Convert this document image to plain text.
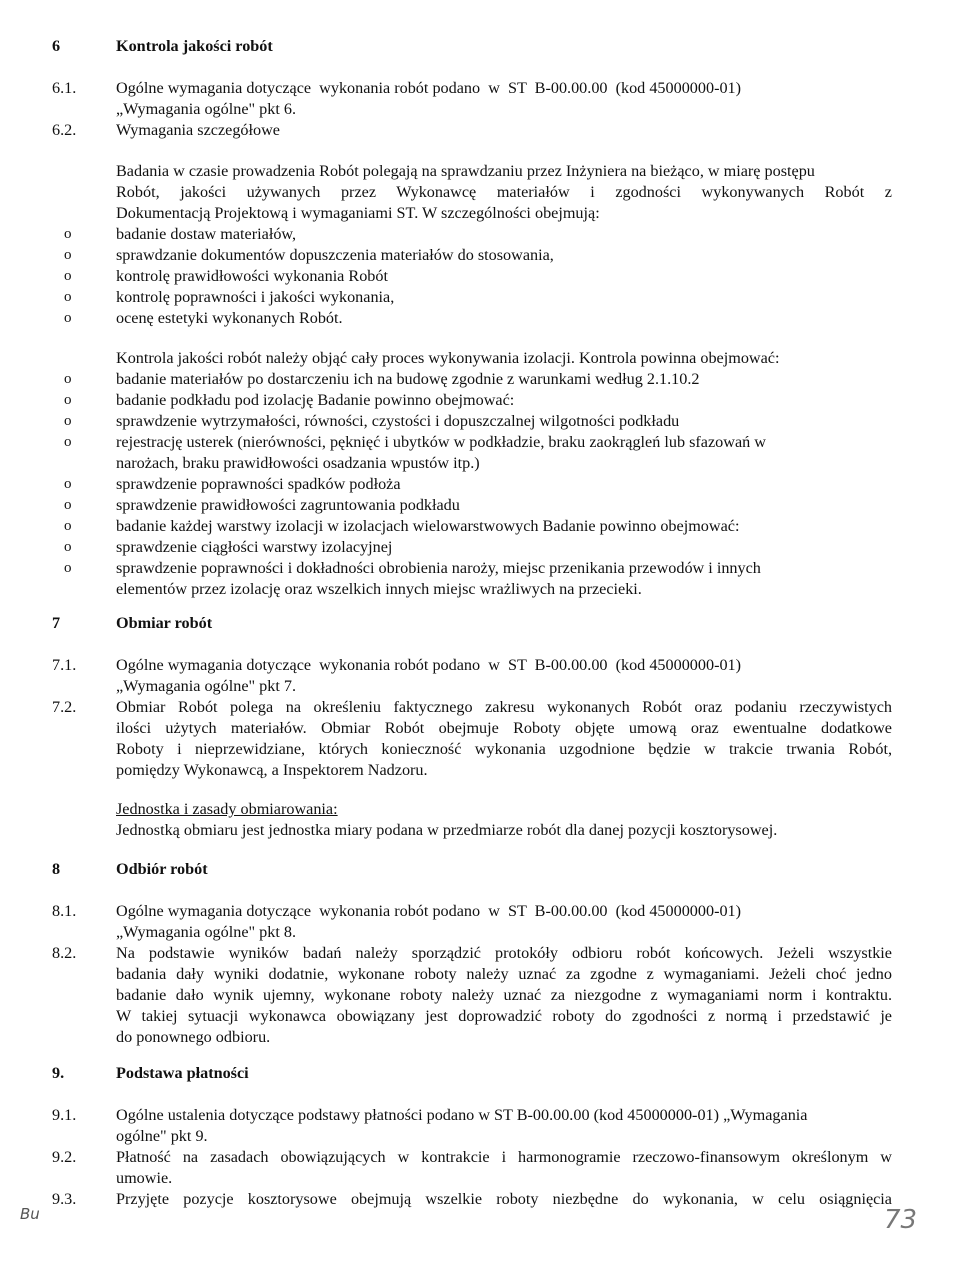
6	Kontrola jakości robót
6.1. Ogólne wymagania dotyczące  wykonania robót podano  w  ST  B-00.00.00  (kod 45000000-01)
„Wymagania ogólne" pkt 6.
6.2. Wymagania szczegółowe
Badania w czasie prowadzenia Robót polegają na sprawdzaniu przez Inżyniera na bieżąco, w miarę postępu
Robót, jakości używanych przez Wykonawcę materiałów i zgodności wykonywanych Robót z
Dokumentacją Projektową i wymaganiami ST. W szczególności obejmują:
o	badanie dostaw materiałów,
o	sprawdzanie dokumentów dopuszczenia materiałów do stosowania,
o	kontrolę prawidłowości wykonania Robót
o	kontrolę poprawności i jakości wykonania,
o	ocenę estetyki wykonanych Robót.
Kontrola jakości robót należy objąć cały proces wykonywania izolacji. Kontrola powinna obejmować:
o	badanie materiałów po dostarczeniu ich na budowę zgodnie z warunkami według 2.1.10.2
o	badanie podkładu pod izolację Badanie powinno obejmować:
o	sprawdzenie wytrzymałości, równości, czystości i dopuszczalnej wilgotności podkładu
o	rejestrację usterek (nierówności, pęknięć i ubytków w podkładzie, braku zaokrągleń lub sfazowań w
narożach, braku prawidłowości osadzania wpustów itp.)
o	sprawdzenie poprawności spadków podłoża
o	sprawdzenie prawidłowości zagruntowania podkładu
o	badanie każdej warstwy izolacji w izolacjach wielowarstwowych Badanie powinno obejmować:
o	sprawdzenie ciągłości warstwy izolacyjnej
o	sprawdzenie poprawności i dokładności obrobienia naroży, miejsc przenikania przewodów i innych
elementów przez izolację oraz wszelkich innych miejsc wrażliwych na przecieki.
7	Obmiar robót
7.1. Ogólne wymagania dotyczące  wykonania robót podano  w  ST  B-00.00.00  (kod 45000000-01)
„Wymagania ogólne" pkt 7.
7.2. Obmiar Robót polega na określeniu faktycznego zakresu wykonanych Robót oraz podaniu rzeczywistych
ilości użytych materiałów. Obmiar Robót obejmuje Roboty objęte umową oraz ewentualne dodatkowe
Roboty i nieprzewidziane, których konieczność wykonania uzgodnione będzie w trakcie trwania Robót,
pomiędzy Wykonawcą, a Inspektorem Nadzoru.
Jednostka i zasady obmiarowania:
Jednostką obmiaru jest jednostka miary podana w przedmiarze robót dla danej pozycji kosztorysowej.
8	Odbiór robót
8.1. Ogólne wymagania dotyczące  wykonania robót podano  w  ST  B-00.00.00  (kod 45000000-01)
„Wymagania ogólne" pkt 8.
8.2. Na podstawie wyników badań należy sporządzić protokóły odbioru robót końcowych. Jeżeli wszystkie
badania dały wyniki dodatnie, wykonane roboty należy uznać za zgodne z wymaganiami. Jeżeli choć jedno
badanie dało wynik ujemny, wykonane roboty należy uznać za niezgodne z wymaganiami norm i kontraktu.
W takiej sytuacji wykonawca obowiązany jest doprowadzić roboty do zgodności z normą i przedstawić je
do ponownego odbioru.
9.	Podstawa płatności
9.1. Ogólne ustalenia dotyczące podstawy płatności podano w ST B-00.00.00 (kod 45000000-01) „Wymagania
ogólne" pkt 9.
9.2. Płatność na zasadach obowiązujących w kontrakcie i harmonogramie rzeczowo-finansowym określonym w
umowie.
9.3. Przyjęte pozycje kosztorysowe obejmują wszelkie roboty niezbędne do wykonania, w celu osiągnięcia
Bu	73
